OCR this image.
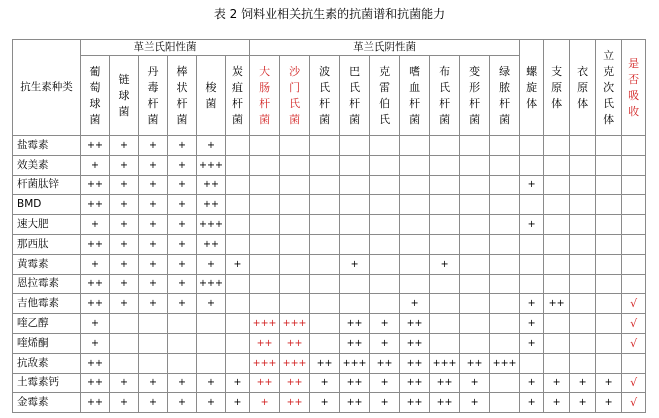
表 2 饲料业相关抗生素的抗菌谱和抗菌能力
抗生素种类	革兰氏阳性菌						革兰氏阴性菌									螺
旋
体	支
原
体	衣
原
体	立
克
次
氏
体	是
否
吸
收

	葡
萄
球
菌	链
球
菌	丹
毒
杆
菌	棒
状
杆
菌	梭
菌	炭
疽
杆
菌	大
肠
杆
菌	沙
门
氏
菌	波
氏
杆
菌	巴
氏
杆
菌	克
雷
伯
氏	嗜
血
杆
菌	布
氏
杆
菌	变
形
杆
菌	绿
脓
杆
菌					

盐霉素	++	+	+	+	+															
效美素	+	+	+	+	+++															
杆菌肽锌	++	+	+	+	++											+				
BMD	++	+	+	+	++															
速大肥	+	+	+	+	+++											+				
那西肽	++	+	+	+	++															
黄霉素	+	+	+	+	+	+				+			+							
恩拉霉素	++	+	+	+	+++															
吉他霉素	++	+	+	+	+							+				+	++			√
喹乙醇	+						+++	+++		++	+	++				+				√
喹烯酮	+						++	++		++	+	++				+				√
抗敌素	++						+++	+++	++	+++	++	++	+++	++	+++					
土霉素钙	++	+	+	+	+	+	++	++	+	++	+	++	++	+		+	+	+	+	√
金霉素	++	+	+	+	+	+	+	++	+	++	+	++	++	+		+	+	+	+	√
